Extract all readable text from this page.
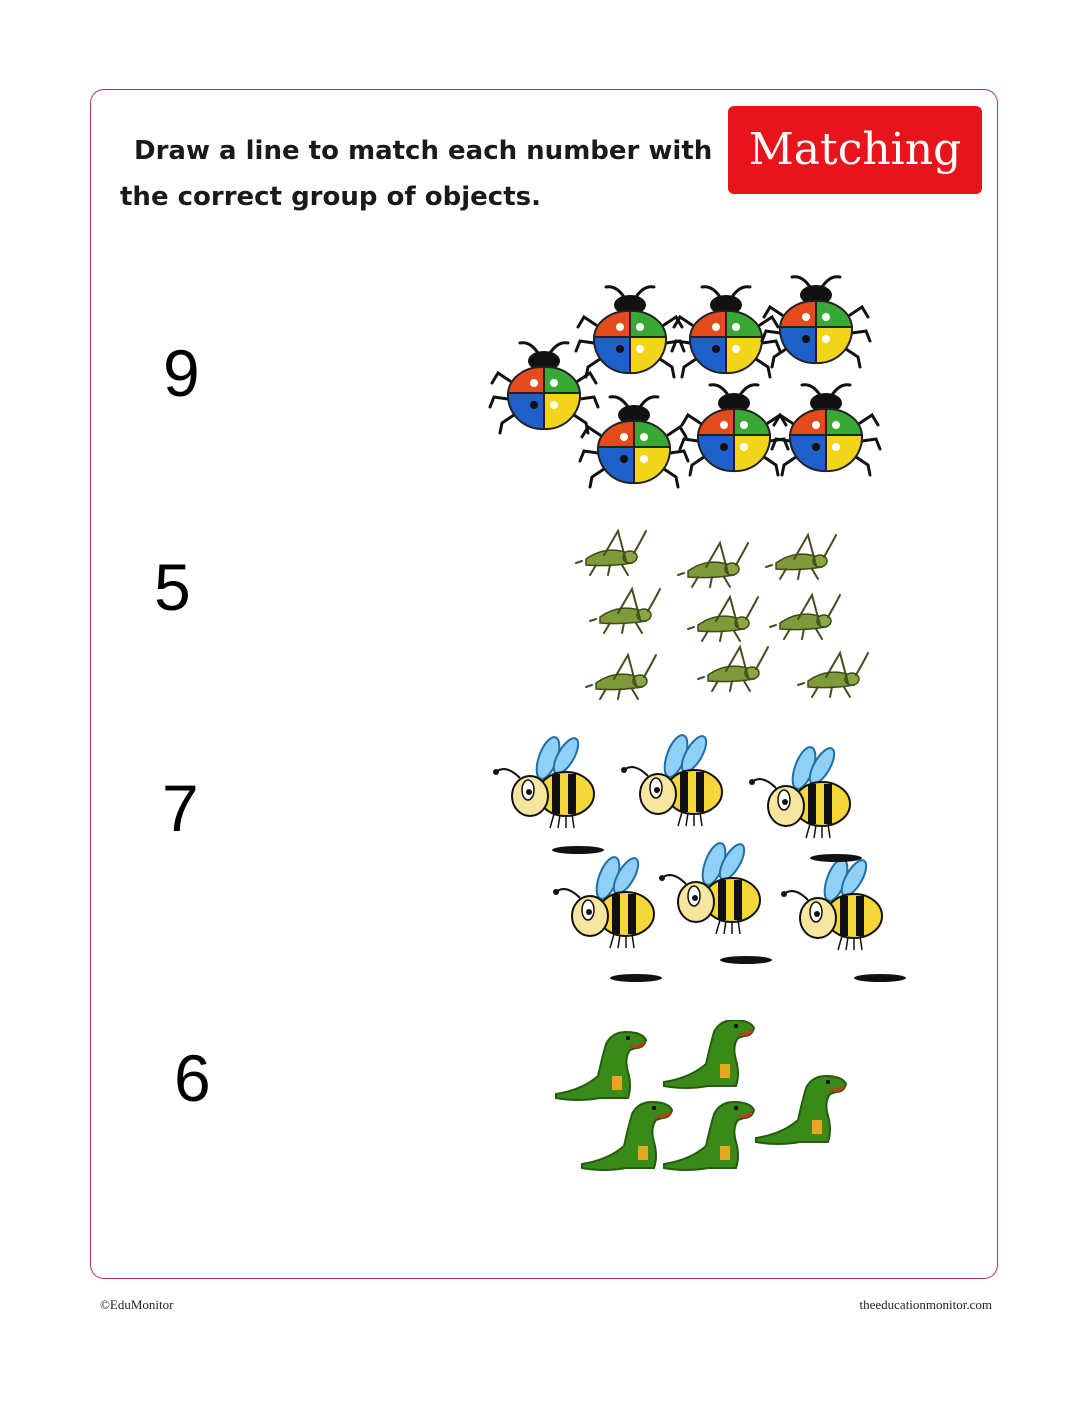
Draw a line to match each number with
the correct group of objects.
Matching
9
5
7
6
©EduMonitor	theeducationmonitor.com
